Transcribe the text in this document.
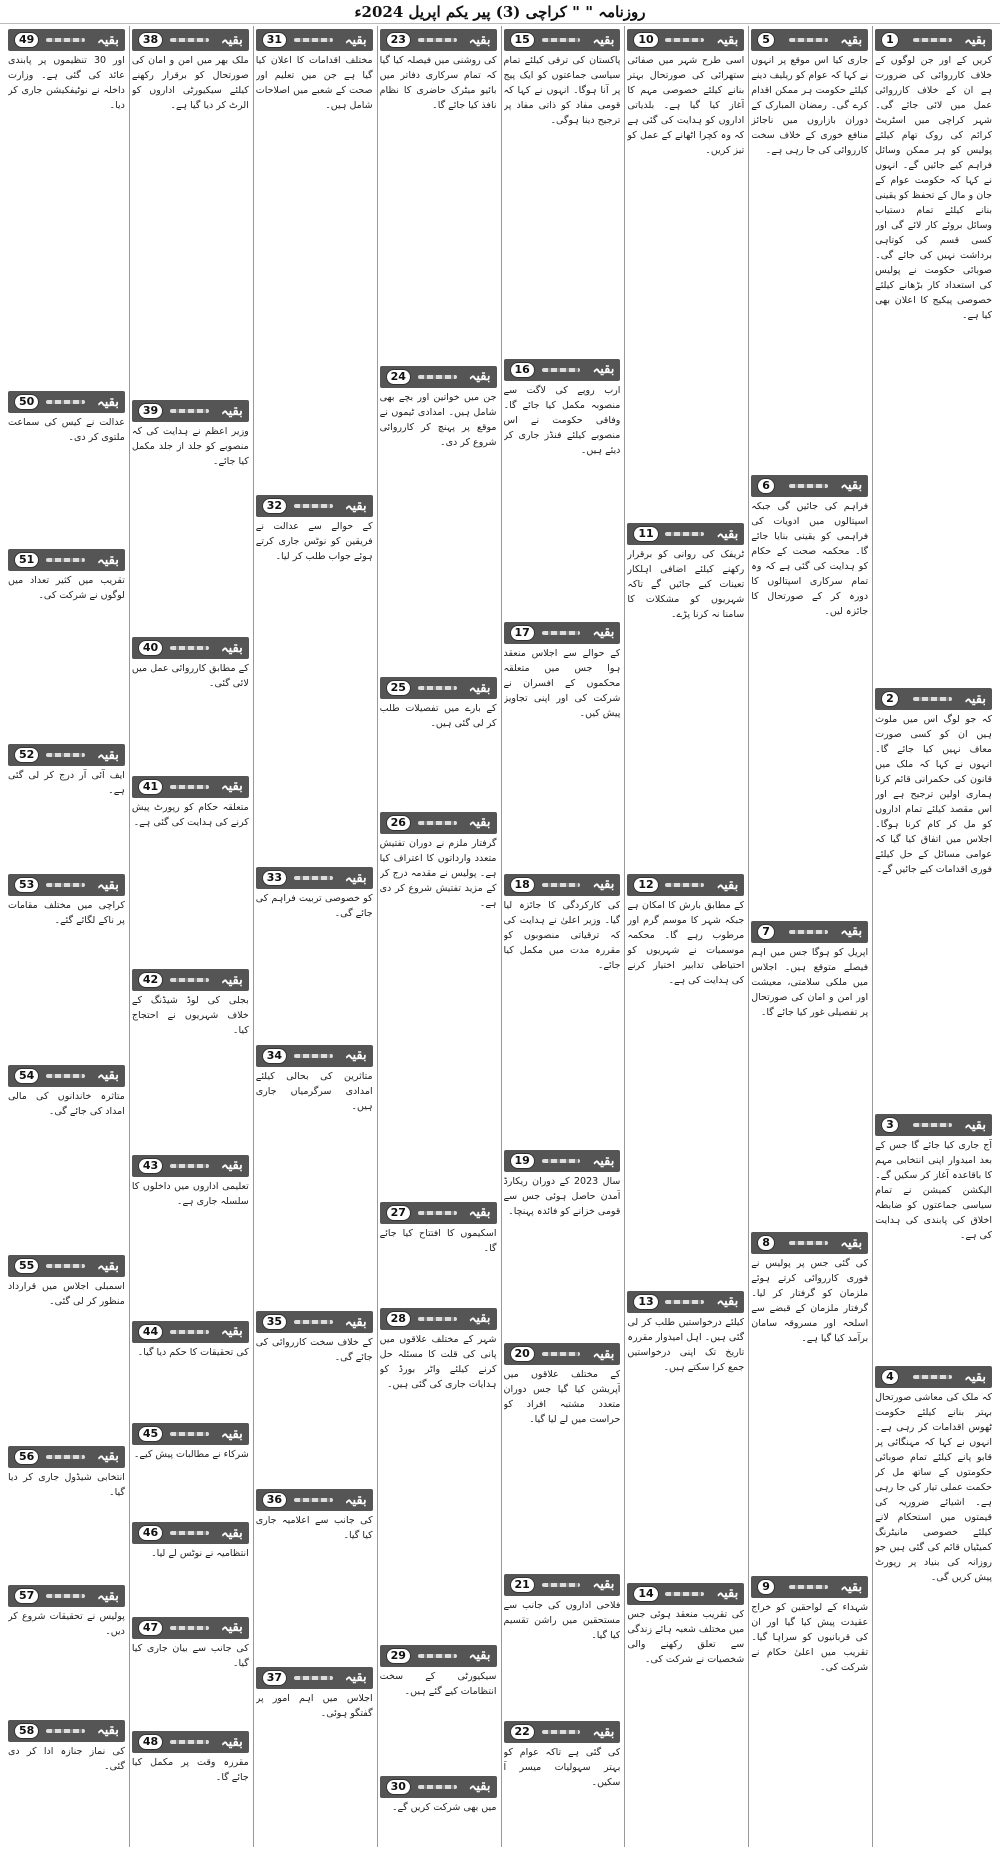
روزنامہ " " کراچی (3) پیر یکم اپریل 2024ء
بقیہ
1
کریں کے اور جن لوگوں کے خلاف کارروائی کی ضرورت ہے ان کے خلاف کارروائی عمل میں لائی جائے گی۔ شہر کراچی میں اسٹریٹ کرائم کی روک تھام کیلئے پولیس کو ہر ممکن وسائل فراہم کیے جائیں گے۔ انہوں نے کہا کہ حکومت عوام کے جان و مال کے تحفظ کو یقینی بنانے کیلئے تمام دستیاب وسائل بروئے کار لائے گی اور کسی قسم کی کوتاہی برداشت نہیں کی جائے گی۔ صوبائی حکومت نے پولیس کی استعداد کار بڑھانے کیلئے خصوصی پیکیج کا اعلان بھی کیا ہے۔
بقیہ
2
کہ جو لوگ اس میں ملوث ہیں ان کو کسی صورت معاف نہیں کیا جائے گا۔ انہوں نے کہا کہ ملک میں قانون کی حکمرانی قائم کرنا ہماری اولین ترجیح ہے اور اس مقصد کیلئے تمام اداروں کو مل کر کام کرنا ہوگا۔ اجلاس میں اتفاق کیا گیا کہ عوامی مسائل کے حل کیلئے فوری اقدامات کیے جائیں گے۔
بقیہ
3
آج جاری کیا جائے گا جس کے بعد امیدوار اپنی انتخابی مہم کا باقاعدہ آغاز کر سکیں گے۔ الیکشن کمیشن نے تمام سیاسی جماعتوں کو ضابطہ اخلاق کی پابندی کی ہدایت کی ہے۔
بقیہ
4
کہ ملک کی معاشی صورتحال بہتر بنانے کیلئے حکومت ٹھوس اقدامات کر رہی ہے۔ انہوں نے کہا کہ مہنگائی پر قابو پانے کیلئے تمام صوبائی حکومتوں کے ساتھ مل کر حکمت عملی تیار کی جا رہی ہے۔ اشیائے ضروریہ کی قیمتوں میں استحکام لانے کیلئے خصوصی مانیٹرنگ کمیٹیاں قائم کی گئی ہیں جو روزانہ کی بنیاد پر رپورٹ پیش کریں گی۔
بقیہ
5
جاری کیا اس موقع پر انہوں نے کہا کہ عوام کو ریلیف دینے کیلئے حکومت ہر ممکن اقدام کرے گی۔ رمضان المبارک کے دوران بازاروں میں ناجائز منافع خوری کے خلاف سخت کارروائی کی جا رہی ہے۔
بقیہ
6
فراہم کی جائیں گی جبکہ اسپتالوں میں ادویات کی فراہمی کو یقینی بنایا جائے گا۔ محکمہ صحت کے حکام کو ہدایت کی گئی ہے کہ وہ تمام سرکاری اسپتالوں کا دورہ کر کے صورتحال کا جائزہ لیں۔
بقیہ
7
اپریل کو ہوگا جس میں اہم فیصلے متوقع ہیں۔ اجلاس میں ملکی سلامتی، معیشت اور امن و امان کی صورتحال پر تفصیلی غور کیا جائے گا۔
بقیہ
8
کی گئی جس پر پولیس نے فوری کارروائی کرتے ہوئے ملزمان کو گرفتار کر لیا۔ گرفتار ملزمان کے قبضے سے اسلحہ اور مسروقہ سامان برآمد کیا گیا ہے۔
بقیہ
9
شہداء کے لواحقین کو خراج عقیدت پیش کیا گیا اور ان کی قربانیوں کو سراہا گیا۔ تقریب میں اعلیٰ حکام نے شرکت کی۔
بقیہ
10
اسی طرح شہر میں صفائی ستھرائی کی صورتحال بہتر بنانے کیلئے خصوصی مہم کا آغاز کیا گیا ہے۔ بلدیاتی اداروں کو ہدایت کی گئی ہے کہ وہ کچرا اٹھانے کے عمل کو تیز کریں۔
بقیہ
11
ٹریفک کی روانی کو برقرار رکھنے کیلئے اضافی اہلکار تعینات کیے جائیں گے تاکہ شہریوں کو مشکلات کا سامنا نہ کرنا پڑے۔
بقیہ
12
کے مطابق بارش کا امکان ہے جبکہ شہر کا موسم گرم اور مرطوب رہے گا۔ محکمہ موسمیات نے شہریوں کو احتیاطی تدابیر اختیار کرنے کی ہدایت کی ہے۔
بقیہ
13
کیلئے درخواستیں طلب کر لی گئی ہیں۔ اہل امیدوار مقررہ تاریخ تک اپنی درخواستیں جمع کرا سکتے ہیں۔
بقیہ
14
کی تقریب منعقد ہوئی جس میں مختلف شعبہ ہائے زندگی سے تعلق رکھنے والی شخصیات نے شرکت کی۔
بقیہ
15
پاکستان کی ترقی کیلئے تمام سیاسی جماعتوں کو ایک پیج پر آنا ہوگا۔ انہوں نے کہا کہ قومی مفاد کو ذاتی مفاد پر ترجیح دینا ہوگی۔
بقیہ
16
ارب روپے کی لاگت سے منصوبہ مکمل کیا جائے گا۔ وفاقی حکومت نے اس منصوبے کیلئے فنڈز جاری کر دیئے ہیں۔
بقیہ
17
کے حوالے سے اجلاس منعقد ہوا جس میں متعلقہ محکموں کے افسران نے شرکت کی اور اپنی تجاویز پیش کیں۔
بقیہ
18
کی کارکردگی کا جائزہ لیا گیا۔ وزیر اعلیٰ نے ہدایت کی کہ ترقیاتی منصوبوں کو مقررہ مدت میں مکمل کیا جائے۔
بقیہ
19
سال 2023 کے دوران ریکارڈ آمدن حاصل ہوئی جس سے قومی خزانے کو فائدہ پہنچا۔
بقیہ
20
کے مختلف علاقوں میں آپریشن کیا گیا جس دوران متعدد مشتبہ افراد کو حراست میں لے لیا گیا۔
بقیہ
21
فلاحی اداروں کی جانب سے مستحقین میں راشن تقسیم کیا گیا۔
بقیہ
22
کی گئی ہے تاکہ عوام کو بہتر سہولیات میسر آ سکیں۔
بقیہ
23
کی روشنی میں فیصلہ کیا گیا کہ تمام سرکاری دفاتر میں بائیو میٹرک حاضری کا نظام نافذ کیا جائے گا۔
بقیہ
24
جن میں خواتین اور بچے بھی شامل ہیں۔ امدادی ٹیموں نے موقع پر پہنچ کر کارروائی شروع کر دی۔
بقیہ
25
کے بارے میں تفصیلات طلب کر لی گئی ہیں۔
بقیہ
26
گرفتار ملزم نے دوران تفتیش متعدد وارداتوں کا اعتراف کیا ہے۔ پولیس نے مقدمہ درج کر کے مزید تفتیش شروع کر دی ہے۔
بقیہ
27
اسکیموں کا افتتاح کیا جائے گا۔
بقیہ
28
شہر کے مختلف علاقوں میں پانی کی قلت کا مسئلہ حل کرنے کیلئے واٹر بورڈ کو ہدایات جاری کی گئی ہیں۔
بقیہ
29
سیکیورٹی کے سخت انتظامات کیے گئے ہیں۔
بقیہ
30
میں بھی شرکت کریں گے۔
بقیہ
31
مختلف اقدامات کا اعلان کیا گیا ہے جن میں تعلیم اور صحت کے شعبے میں اصلاحات شامل ہیں۔
بقیہ
32
کے حوالے سے عدالت نے فریقین کو نوٹس جاری کرتے ہوئے جواب طلب کر لیا۔
بقیہ
33
کو خصوصی تربیت فراہم کی جائے گی۔
بقیہ
34
متاثرین کی بحالی کیلئے امدادی سرگرمیاں جاری ہیں۔
بقیہ
35
کے خلاف سخت کارروائی کی جائے گی۔
بقیہ
36
کی جانب سے اعلامیہ جاری کیا گیا۔
بقیہ
37
اجلاس میں اہم امور پر گفتگو ہوئی۔
بقیہ
38
ملک بھر میں امن و امان کی صورتحال کو برقرار رکھنے کیلئے سیکیورٹی اداروں کو الرٹ کر دیا گیا ہے۔
بقیہ
39
وزیر اعظم نے ہدایت کی کہ منصوبے کو جلد از جلد مکمل کیا جائے۔
بقیہ
40
کے مطابق کارروائی عمل میں لائی گئی۔
بقیہ
41
متعلقہ حکام کو رپورٹ پیش کرنے کی ہدایت کی گئی ہے۔
بقیہ
42
بجلی کی لوڈ شیڈنگ کے خلاف شہریوں نے احتجاج کیا۔
بقیہ
43
تعلیمی اداروں میں داخلوں کا سلسلہ جاری ہے۔
بقیہ
44
کی تحقیقات کا حکم دیا گیا۔
بقیہ
45
شرکاء نے مطالبات پیش کیے۔
بقیہ
46
انتظامیہ نے نوٹس لے لیا۔
بقیہ
47
کی جانب سے بیان جاری کیا گیا۔
بقیہ
48
مقررہ وقت پر مکمل کیا جائے گا۔
بقیہ
49
اور 30 تنظیموں پر پابندی عائد کی گئی ہے۔ وزارت داخلہ نے نوٹیفکیشن جاری کر دیا۔
بقیہ
50
عدالت نے کیس کی سماعت ملتوی کر دی۔
بقیہ
51
تقریب میں کثیر تعداد میں لوگوں نے شرکت کی۔
بقیہ
52
ایف آئی آر درج کر لی گئی ہے۔
بقیہ
53
کراچی میں مختلف مقامات پر ناکے لگائے گئے۔
بقیہ
54
متاثرہ خاندانوں کی مالی امداد کی جائے گی۔
بقیہ
55
اسمبلی اجلاس میں قرارداد منظور کر لی گئی۔
بقیہ
56
انتخابی شیڈول جاری کر دیا گیا۔
بقیہ
57
پولیس نے تحقیقات شروع کر دیں۔
بقیہ
58
کی نماز جنازہ ادا کر دی گئی۔
